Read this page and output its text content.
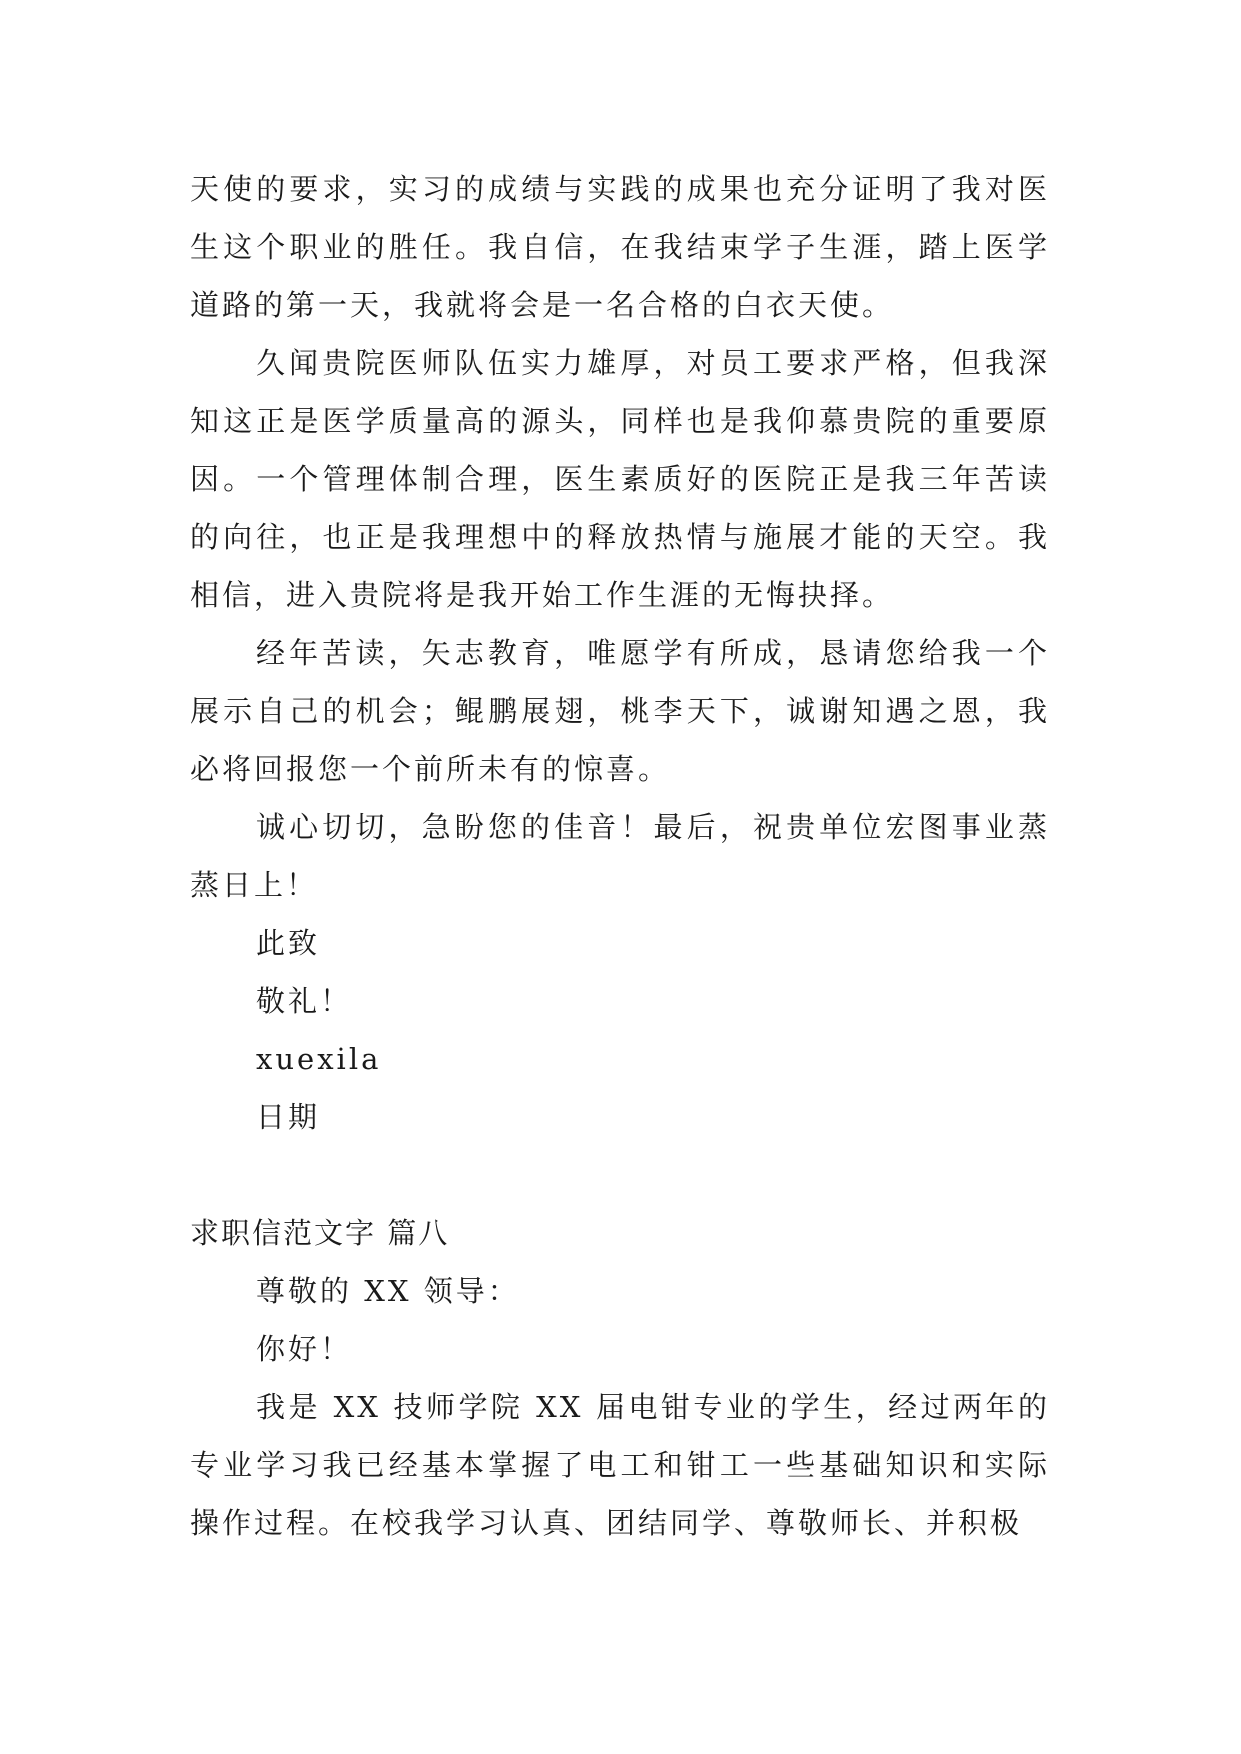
天使的要求，实习的成绩与实践的成果也充分证明了我对医生这个职业的胜任。我自信，在我结束学子生涯，踏上医学道路的第一天，我就将会是一名合格的白衣天使。

久闻贵院医师队伍实力雄厚，对员工要求严格，但我深知这正是医学质量高的源头，同样也是我仰慕贵院的重要原因。一个管理体制合理，医生素质好的医院正是我三年苦读的向往，也正是我理想中的释放热情与施展才能的天空。我相信，进入贵院将是我开始工作生涯的无悔抉择。

经年苦读，矢志教育，唯愿学有所成，恳请您给我一个展示自己的机会；鲲鹏展翅，桃李天下，诚谢知遇之恩，我必将回报您一个前所未有的惊喜。

诚心切切，急盼您的佳音！最后，祝贵单位宏图事业蒸蒸日上！

此致

敬礼！

xuexila

日期

求职信范文字 篇八

尊敬的 XX 领导：

你好！

我是 XX 技师学院 XX 届电钳专业的学生，经过两年的专业学习我已经基本掌握了电工和钳工一些基础知识和实际操作过程。在校我学习认真、团结同学、尊敬师长、并积极
